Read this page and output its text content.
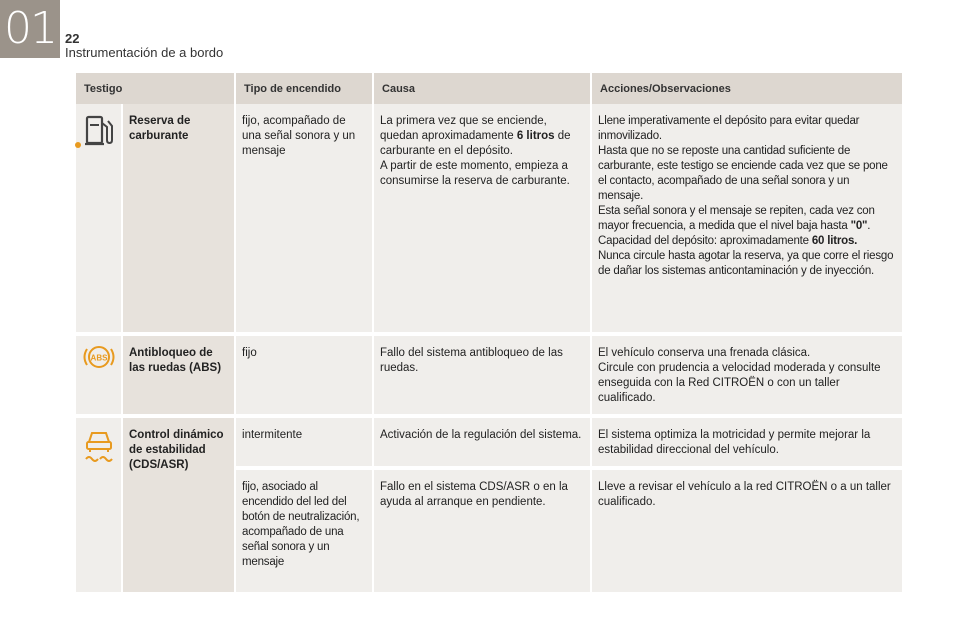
01 22
Instrumentación de a bordo
Testigo		Tipo de encendido	Causa	Acciones/Observaciones

	Reserva de carburante	fijo, acompañado de una señal sonora y un mensaje	La primera vez que se enciende, quedan aproximadamente 6 litros de carburante en el depósito.
A partir de este momento, empieza a consumirse la reserva de carburante.	Llene imperativamente el depósito para evitar quedar inmovilizado.
Hasta que no se reposte una cantidad suficiente de carburante, este testigo se enciende cada vez que se pone el contacto, acompañado de una señal sonora y un mensaje.
Esta señal sonora y el mensaje se repiten, cada vez con mayor frecuencia, a medida que el nivel baja hasta "0".
Capacidad del depósito: aproximadamente 60 litros.
Nunca circule hasta agotar la reserva, ya que corre el riesgo de dañar los sistemas anticontaminación y de inyección.

ABS	Antibloqueo de las ruedas (ABS)	fijo	Fallo del sistema antibloqueo de las ruedas.	El vehículo conserva una frenada clásica.
Circule con prudencia a velocidad moderada y consulte enseguida con la Red CITROËN o con un taller cualificado.

	Control dinámico de estabilidad (CDS/ASR)	intermitente	Activación de la regulación del sistema.	El sistema optimiza la motricidad y permite mejorar la estabilidad direccional del vehículo.
		fijo, asociado al encendido del led del botón de neutralización, acompañado de una señal sonora y un mensaje	Fallo en el sistema CDS/ASR o en la ayuda al arranque en pendiente.	Lleve a revisar el vehículo a la red CITROËN o a un taller cualificado.
